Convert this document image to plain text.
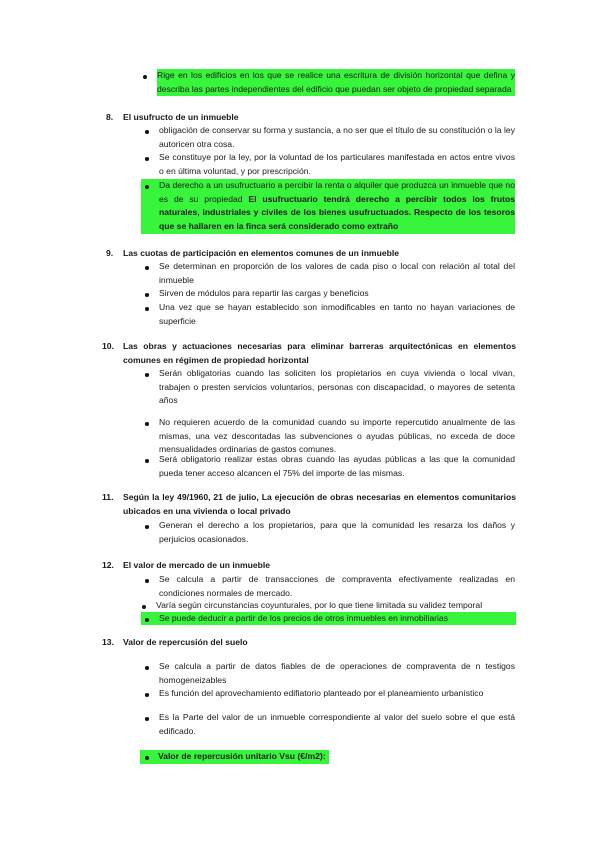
Rige en los edificios en los que se realice una escritura de división horizontal que defina y describa las partes independientes del edificio que puedan ser objeto de propiedad separada
8. El usufructo de un inmueble
obligación de conservar su forma y sustancia, a no ser que el título de su constitución o la ley autoricen otra cosa.
Se constituye por la ley, por la voluntad de los particulares manifestada en actos entre vivos o en última voluntad, y por prescripción.
Da derecho a un usufructuario a percibir la renta o alquiler que produzca un inmueble que no es de su propiedad El usufructuario tendrá derecho a percibir todos los frutos naturales, industriales y civiles de los bienes usufructuados. Respecto de los tesoros que se hallaren en la finca será considerado como extraño
9. Las cuotas de participación en elementos comunes de un inmueble
Se determinan en proporción de los valores de cada piso o local con relación al total del inmueble
Sirven de módulos para repartir las cargas y beneficios
Una vez que se hayan establecido son inmodificables en tanto no hayan variaciones de superficie
10. Las obras y actuaciones necesarias para eliminar barreras arquitectónicas en elementos comunes en régimen de propiedad horizontal
Serán obligatorias cuando las soliciten los propietarios en cuya vivienda o local vivan, trabajen o presten servicios voluntarios, personas con discapacidad, o mayores de setenta años
No requieren acuerdo de la comunidad cuando su importe repercutido anualmente de las mismas, una vez descontadas las subvenciones o ayudas públicas, no exceda de doce mensualidades ordinarias de gastos comunes.
Será obligatorio realizar estas obras cuando las ayudas públicas a las que la comunidad pueda tener acceso alcancen el 75% del importe de las mismas.
11. Según la ley 49/1960, 21 de julio, La ejecución de obras necesarias en elementos comunitarios ubicados en una vivienda o local privado
Generan el derecho a los propietarios, para que la comunidad les resarza los daños y perjuicios ocasionados.
12. El valor de mercado de un inmueble
Se calcula a partir de transacciones de compraventa efectivamente realizadas en condiciones normales de mercado.
Varía según circunstancias coyunturales, por lo que tiene limitada su validez temporal
Se puede deducir a partir de los precios de otros inmuebles en inmobiliarias
13. Valor de repercusión del suelo
Se calcula a partir de datos fiables de de operaciones de compraventa de n testigos homogeneizables
Es función del aprovechamiento edifiatorio planteado por el planeamiento urbanístico
Es la Parte del valor de un inmueble correspondiente al valor del suelo sobre el que está edificado.
Valor de repercusión unitario Vsu (€/m2):
